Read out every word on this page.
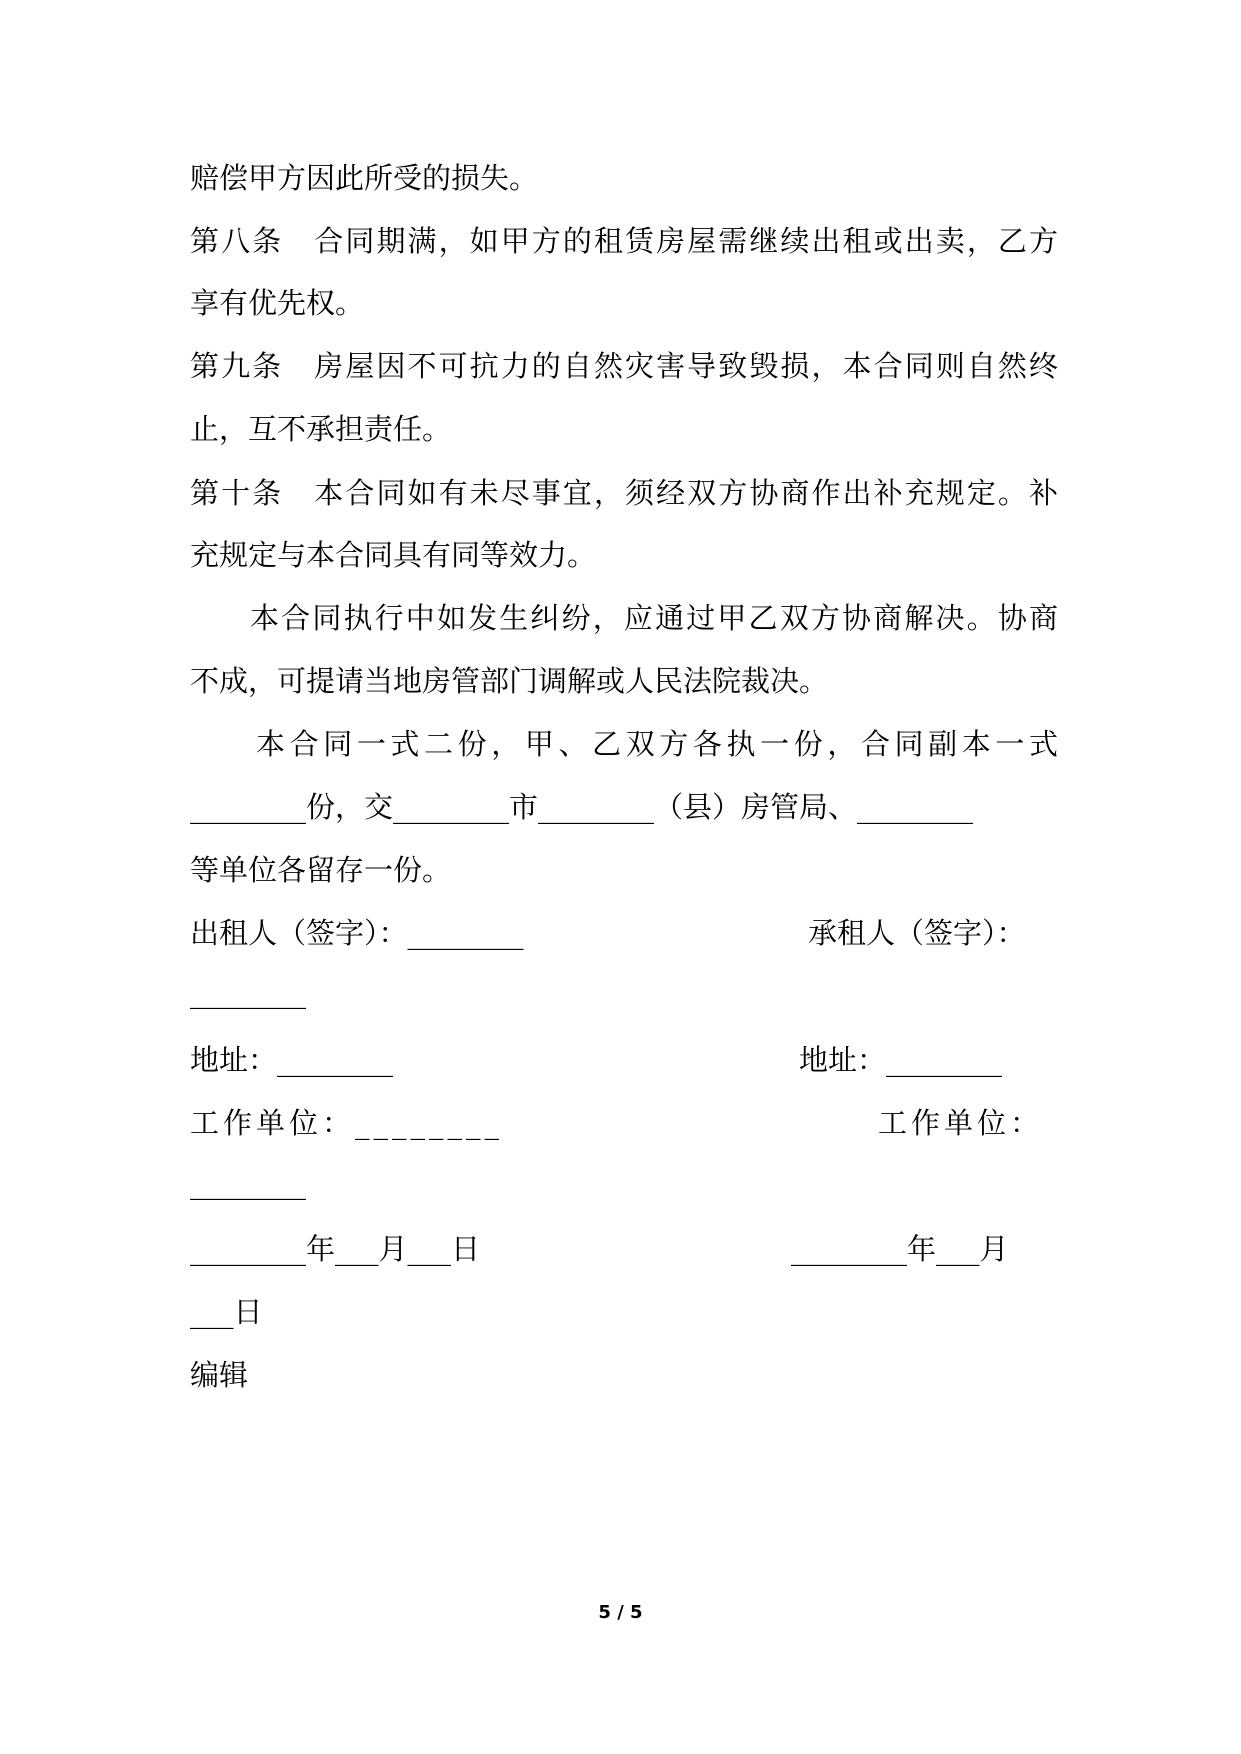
赔偿甲方因此所受的损失。
第八条　合同期满，如甲方的租赁房屋需继续出租或出卖，乙方
享有优先权。
第九条　房屋因不可抗力的自然灾害导致毁损，本合同则自然终
止，互不承担责任。
第十条　本合同如有未尽事宜，须经双方协商作出补充规定。补
充规定与本合同具有同等效力。
本合同执行中如发生纠纷，应通过甲乙双方协商解决。协商
不成，可提请当地房管部门调解或人民法院裁决。
本合同一式二份，甲、乙双方各执一份，合同副本一式
________份，交________市________（县）房管局、________
等单位各留存一份。
出租人（签字）：________	承租人（签字）：
________
地址：________	地址：________
工作单位：________	工作单位：
________
________年___月___日	________年___月
___日
编辑
5 / 5
